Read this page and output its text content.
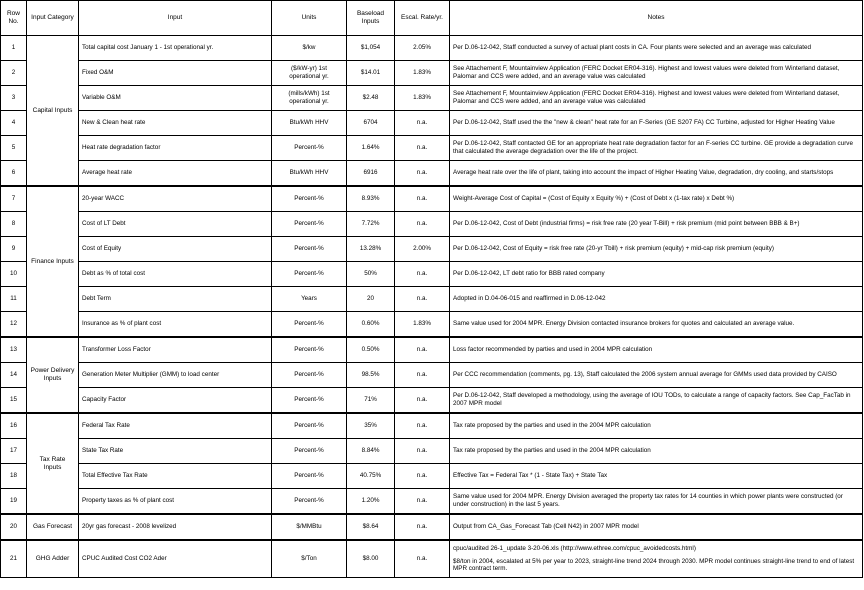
Row No.	Input Category	Input	Units	Baseload Inputs	Escal. Rate/yr.	Notes
1	Capital Inputs	Total capital cost January 1 - 1st operational yr.	$/kw	$1,054	2.05%	Per D.06-12-042, Staff conducted a survey of actual plant costs in CA. Four plants were selected and an average was calculated
2		Fixed O&M	($/kW-yr) 1st operational yr.	$14.01	1.83%	See Attachement F, Mountainview Application (FERC Docket ER04-316). Highest and lowest values were deleted from Winterland dataset, Palomar and CCS were added, and an average value was calculated
3		Variable O&M	(mills/kWh) 1st operational yr.	$2.48	1.83%	See Attachement F, Mountainview Application (FERC Docket ER04-316). Highest and lowest values were deleted from Winterland dataset, Palomar and CCS were added, and an average value was calculated
4		New & Clean heat rate	Btu/kWh HHV	6704	n.a.	Per D.06-12-042, Staff used the the "new & clean" heat rate for an F-Series (GE S207 FA) CC Turbine, adjusted for Higher Heating Value
5		Heat rate degradation factor	Percent-%	1.64%	n.a.	Per D.06-12-042, Staff contacted GE for an appropriate heat rate degradation factor for an F-series CC turbine. GE provide a degradation curve that calculated the average degradation over the life of the project.
6		Average heat rate	Btu/kWh HHV	6916	n.a.	Average heat rate over the life of plant, taking into account the impact of Higher Heating Value, degradation, dry cooling, and starts/stops
7	Finance Inputs	20-year WACC	Percent-%	8.93%	n.a.	Weight-Average Cost of Capital = (Cost of Equity x Equity %) + (Cost of Debt x (1-tax rate) x Debt %)
8		Cost of LT Debt	Percent-%	7.72%	n.a.	Per D.06-12-042, Cost of Debt (industrial firms) = risk free rate (20 year T-Bill) + risk premium (mid point between BBB & B+)
9		Cost of Equity	Percent-%	13.28%	2.00%	Per D.06-12-042, Cost of Equity = risk free rate (20-yr Tbill) + risk premium (equity) + mid-cap risk premium (equity)
10		Debt as % of total cost	Percent-%	50%	n.a.	Per D.06-12-042, LT debt ratio for BBB rated company
11		Debt Term	Years	20	n.a.	Adopted in D.04-06-015 and reaffirmed in D.06-12-042
12		Insurance as % of plant cost	Percent-%	0.60%	1.83%	Same value used for 2004 MPR. Energy Division contacted insurance brokers for quotes and calculated an average value.
13	Power Delivery Inputs	Transformer Loss Factor	Percent-%	0.50%	n.a.	Loss factor recommended by parties and used in 2004 MPR calculation
14		Generation Meter Multiplier (GMM) to load center	Percent-%	98.5%	n.a.	Per CCC recommendation (comments, pg. 13), Staff calculated the 2006 system annual average for GMMs used data provided by CAISO
15		Capacity Factor	Percent-%	71%	n.a.	Per D.06-12-042, Staff developed a methodology, using the average of IOU TODs, to calculate a range of capacity factors. See Cap_FacTab in 2007 MPR model
16	Tax Rate Inputs	Federal Tax Rate	Percent-%	35%	n.a.	Tax rate proposed by the parties and used in the 2004 MPR calculation
17		State Tax Rate	Percent-%	8.84%	n.a.	Tax rate proposed by the parties and used in the 2004 MPR calculation
18		Total Effective Tax Rate	Percent-%	40.75%	n.a.	Effective Tax = Federal Tax * (1 - State Tax) + State Tax
19		Property taxes as % of plant cost	Percent-%	1.20%	n.a.	Same value used for 2004 MPR. Energy Division averaged the property tax rates for 14 counties in which power plants were constructed (or under construction) in the last 5 years.
20	Gas Forecast	20yr gas forecast - 2008 levelized	$/MMBtu	$8.64	n.a.	Output from CA_Gas_Forecast Tab (Cell N42) in 2007 MPR model
21	GHG Adder	CPUC Audited Cost CO2 Ader	$/Ton	$8.00	n.a.	cpuc/audited 26-1_update 3-20-06.xls (http://www.ethree.com/cpuc_avoidedcosts.html)
$8/ton in 2004, escalated at 5% per year to 2023, straight-line trend 2024 through 2030. MPR model continues straight-line trend to end of latest MPR contract term.
